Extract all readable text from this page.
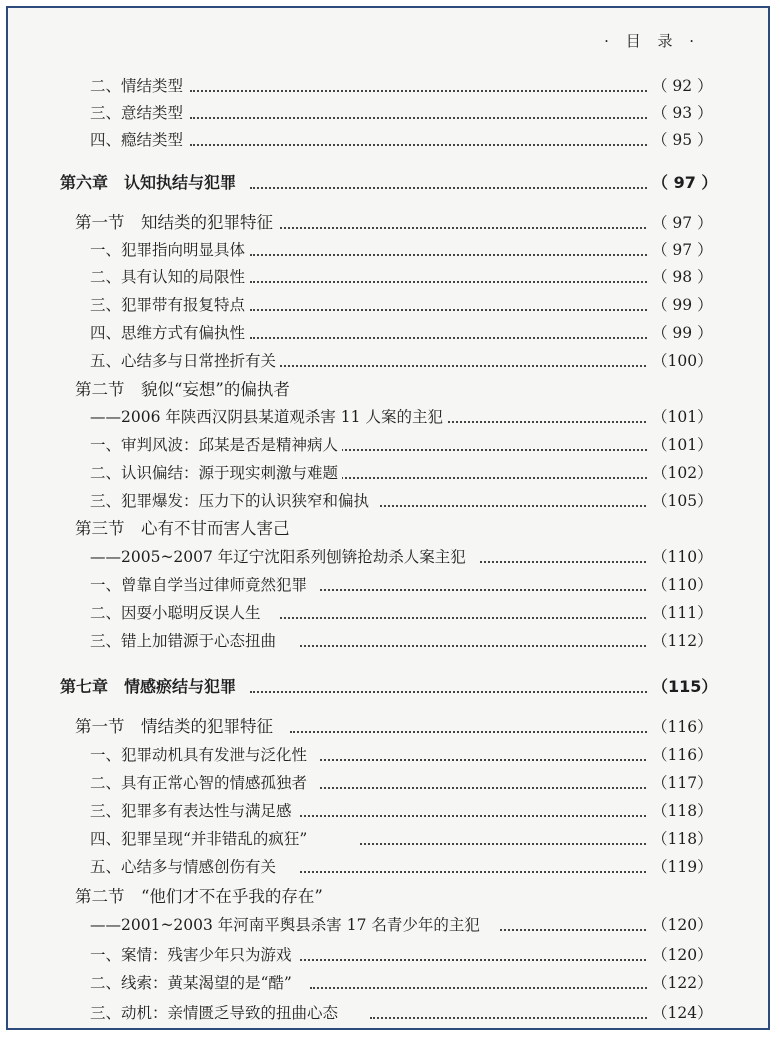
· 目 录 ·
二、情结类型	（ 92 ）
三、意结类型	（ 93 ）
四、瘾结类型	（ 95 ）
第六章　认知执结与犯罪	（ 97 ）
第一节　知结类的犯罪特征	（ 97 ）
一、犯罪指向明显具体	（ 97 ）
二、具有认知的局限性	（ 98 ）
三、犯罪带有报复特点	（ 99 ）
四、思维方式有偏执性	（ 99 ）
五、心结多与日常挫折有关	（100）
第二节　貌似“妄想”的偏执者
——2006 年陕西汉阴县某道观杀害 11 人案的主犯	（101）
一、审判风波：邱某是否是精神病人	（101）
二、认识偏结：源于现实刺激与难题	（102）
三、犯罪爆发：压力下的认识狭窄和偏执	（105）
第三节　心有不甘而害人害己
——2005~2007 年辽宁沈阳系列刨锛抢劫杀人案主犯	（110）
一、曾靠自学当过律师竟然犯罪	（110）
二、因耍小聪明反误人生	（111）
三、错上加错源于心态扭曲	（112）
第七章　情感瘀结与犯罪	（115）
第一节　情结类的犯罪特征	（116）
一、犯罪动机具有发泄与泛化性	（116）
二、具有正常心智的情感孤独者	（117）
三、犯罪多有表达性与满足感	（118）
四、犯罪呈现“并非错乱的疯狂”	（118）
五、心结多与情感创伤有关	（119）
第二节　“他们才不在乎我的存在”
——2001~2003 年河南平舆县杀害 17 名青少年的主犯	（120）
一、案情：残害少年只为游戏	（120）
二、线索：黄某渴望的是“酷”	（122）
三、动机：亲情匮乏导致的扭曲心态	（124）
